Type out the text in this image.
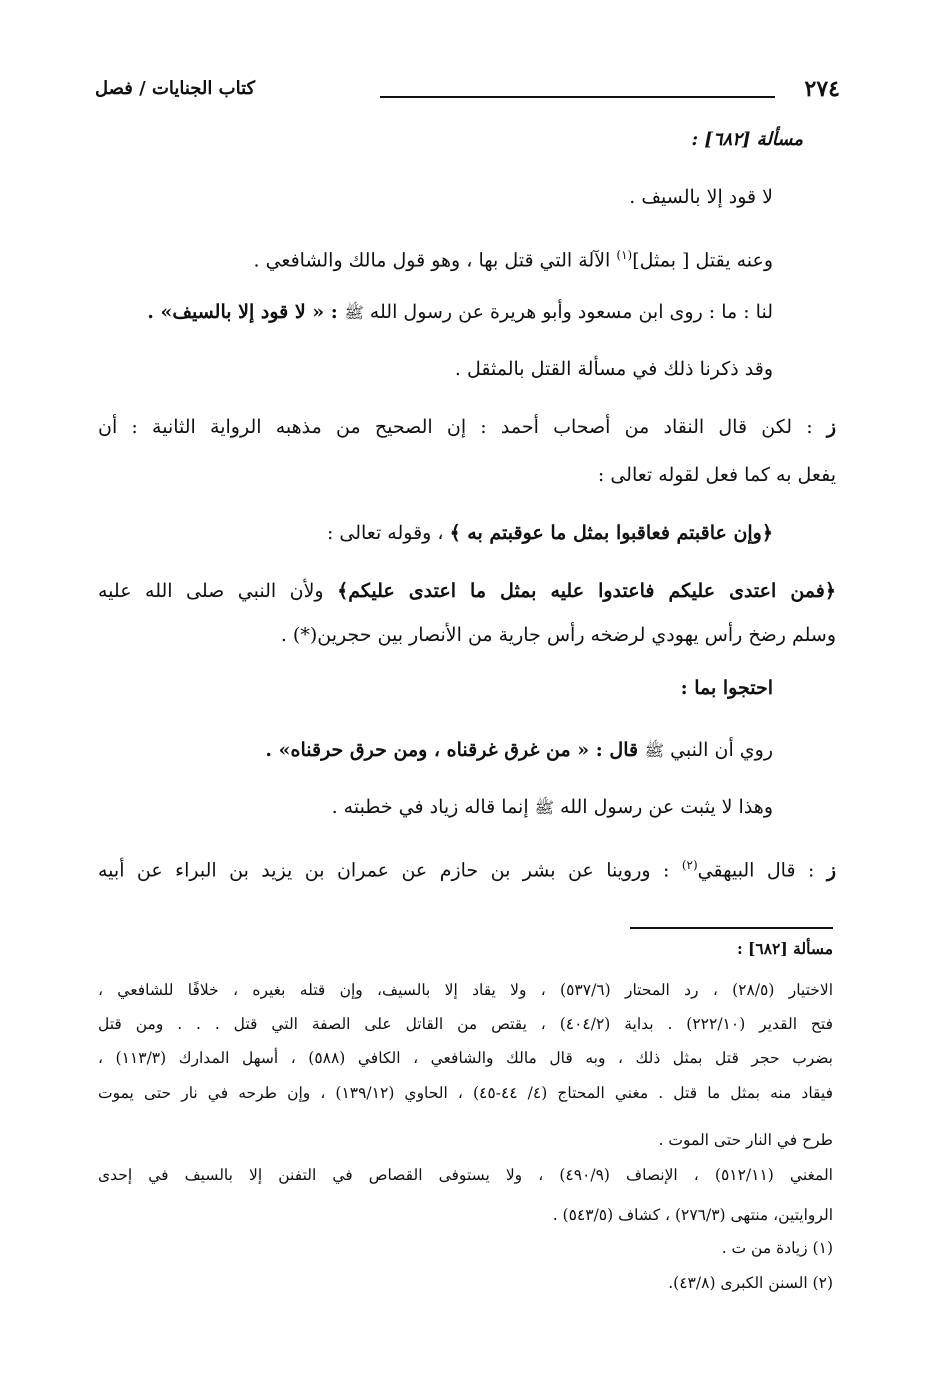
٢٧٤
كتاب الجنايات / فصل
مسألة [٦٨٢] :
لا قود إلا بالسيف .
وعنه يقتل [ بمثل]$^{(١)}$ الآلة التي قتل بها ، وهو قول مالك والشافعي .
لنا : ما : روى ابن مسعود وأبو هريرة عن رسول الله ﷺ : « لا قود إلا بالسيف» .
وقد ذكرنا ذلك في مسألة القتل بالمثقل .
ز : لكن قال النقاد من أصحاب أحمد : إن الصحيح من مذهبه الرواية الثانية : أن
يفعل به كما فعل لقوله تعالى :
﴿وإن عاقبتم فعاقبوا بمثل ما عوقبتم به ﴾ ، وقوله تعالى :
﴿فمن اعتدى عليكم فاعتدوا عليه بمثل ما اعتدى عليكم﴾ ولأن النبي صلى الله عليه
وسلم رضخ رأس يهودي لرضخه رأس جارية من الأنصار بين حجرين(*) .
احتجوا بما :
روي أن النبي ﷺ قال : « من غرق غرقناه ، ومن حرق حرقناه» .
وهذا لا يثبت عن رسول الله ﷺ إنما قاله زياد في خطبته .
ز : قال البيهقي$^{(٢)}$ : وروينا عن بشر بن حازم عن عمران بن يزيد بن البراء عن أبيه
مسألة [٦٨٢] :
الاختيار (٢٨/٥) ، رد المحتار (٥٣٧/٦) ، ولا يقاد إلا بالسيف، وإن قتله بغيره ، خلافًا للشافعي ،
فتح القدير (٢٢٢/١٠) . بداية (٤٠٤/٢) ، يقتص من القاتل على الصفة التي قتل . . . ومن قتل
بضرب حجر قتل بمثل ذلك ، وبه قال مالك والشافعي ، الكافي (٥٨٨) ، أسهل المدارك (١١٣/٣) ،
فيقاد منه بمثل ما قتل . مغني المحتاج (٤/ ٤٤-٤٥) ، الحاوي (١٣٩/١٢) ، وإن طرحه في نار حتى يموت
طرح في النار حتى الموت .
المغني (٥١٢/١١) ، الإنصاف (٤٩٠/٩) ، ولا يستوفى القصاص في التفنن إلا بالسيف في إحدى
الروايتين، منتهى (٢٧٦/٣) ، كشاف (٥٤٣/٥) .
(١) زيادة من ت .
(٢) السنن الكبرى (٤٣/٨).
